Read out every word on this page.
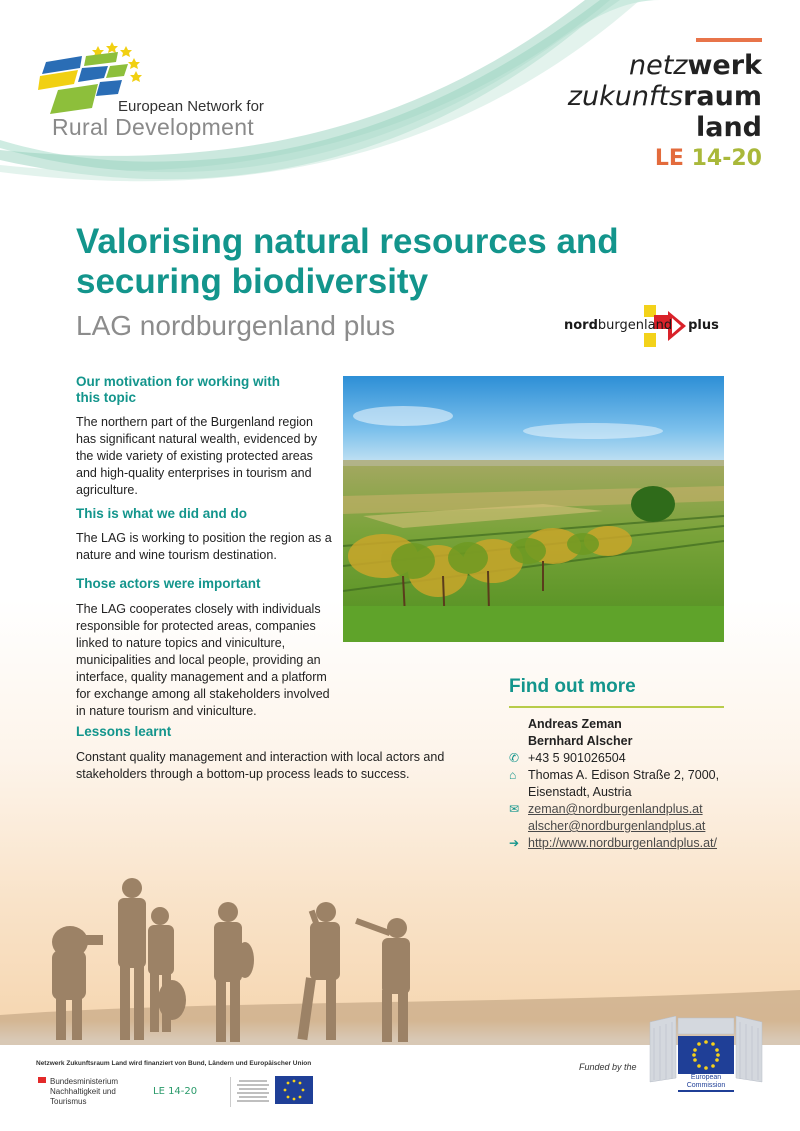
European Network for
Rural Development
netzwerk
zukunftsraum
land
LE 14-20
Valorising natural resources and securing biodiversity
LAG nordburgenland plus	nordburgenland plus
Our motivation for working with this topic
The northern part of the Burgenland region has significant natural wealth, evidenced by the wide variety of existing protected areas and high-quality enterprises in tourism and agriculture.
This is what we did and do
The LAG is working to position the region as a nature and wine tourism destination.
Those actors were important
The LAG cooperates closely with individuals responsible for protected areas, companies linked to nature topics and viniculture, municipalities and local people, providing an interface, quality management and a platform for exchange among all stakeholders involved in nature tourism and viniculture.
Lessons learnt
Constant quality management and interaction with local actors and stakeholders through a bottom-up process leads to success.
Find out more
Andreas Zeman
Bernhard Alscher
✆ +43 5 901026504
⌂ Thomas A. Edison Straße 2, 7000,
Eisenstadt, Austria
✉ zeman@nordburgenlandplus.at
alscher@nordburgenlandplus.at
➔ http://www.nordburgenlandplus.at/
Netzwerk Zukunftsraum Land wird finanziert von Bund, Ländern und Europäischer Union
Bundesministerium
Nachhaltigkeit und
Tourismus
LE 14-20
Funded by the
European
Commission
